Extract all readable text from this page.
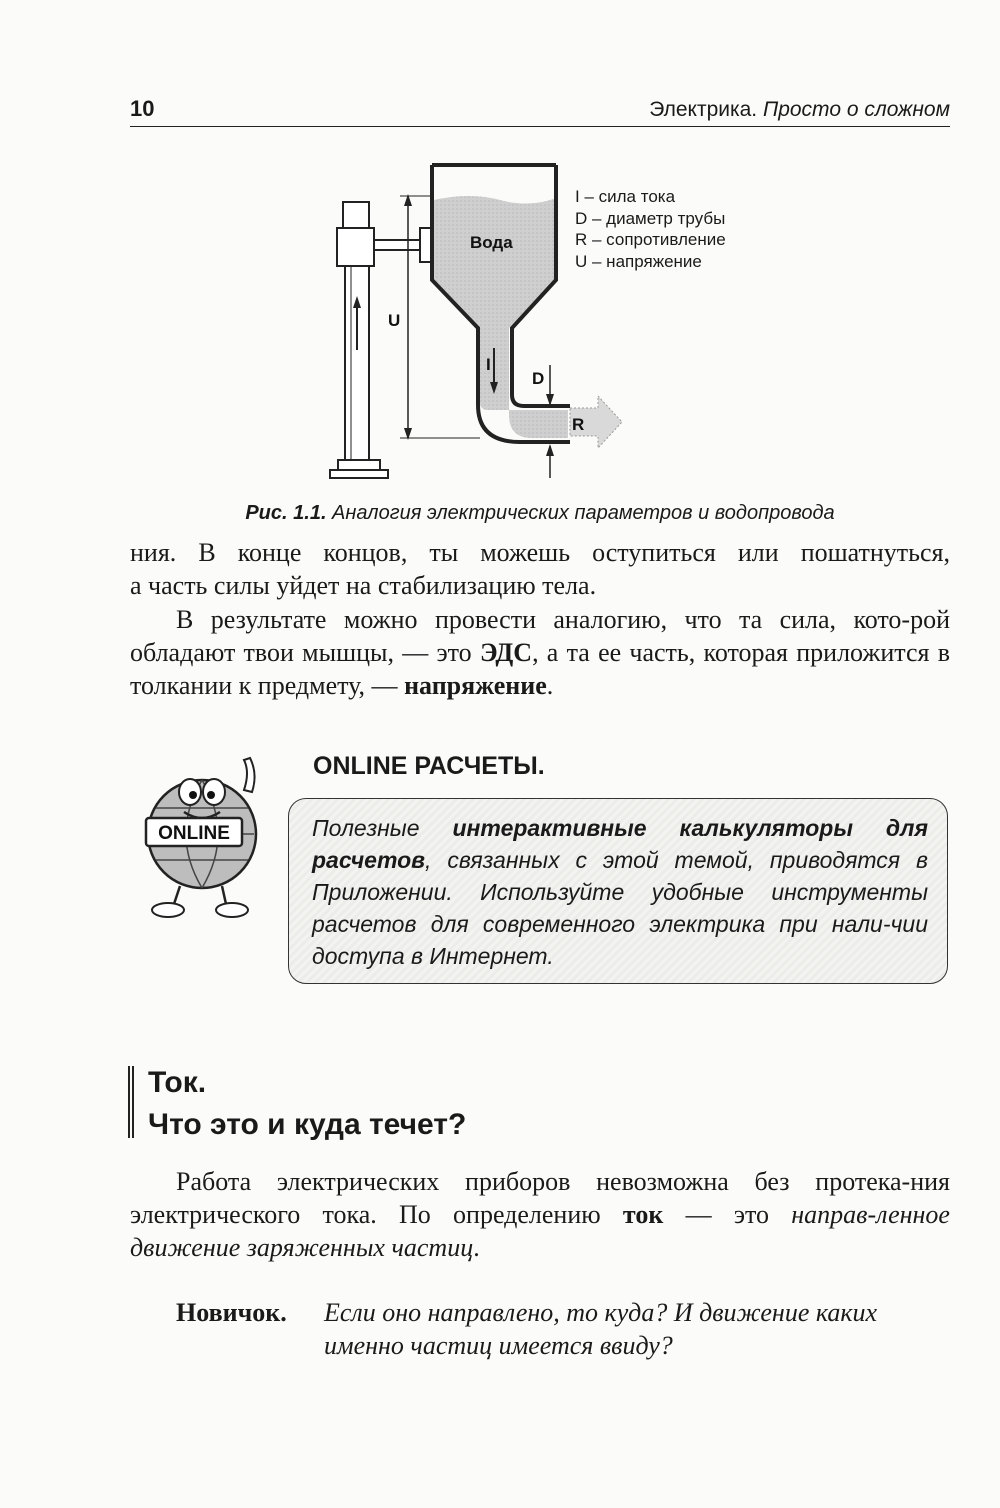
10	Электрика. Просто о сложном
Вода
U
I
D
R
I – сила тока
D – диаметр трубы
R – сопротивление
U – напряжение
Рис. 1.1. Аналогия электрических параметров и водопровода

ния. В конце концов, ты можешь оступиться или пошатнуться,

а часть силы уйдет на стабилизацию тела.

В результате можно провести аналогию, что та сила, кото-рой обладают твои мышцы, — это ЭДС, а та ее часть, которая приложится в толкании к предмету, — напряжение.

ONLINE
ONLINE РАСЧЕТЫ.
Полезные интерактивные калькуляторы для расчетов, связанных с этой темой, приводятся в Приложении. Используйте удобные инструменты расчетов для современного электрика при нали-чии доступа в Интернет.
Ток.
Что это и куда течет?

Работа электрических приборов невозможна без протека-ния электрического тока. По определению ток — это направ-ленное движение заряженных частиц.

Новичок. Если оно направлено, то куда? И движение каких именно частиц имеется ввиду?
